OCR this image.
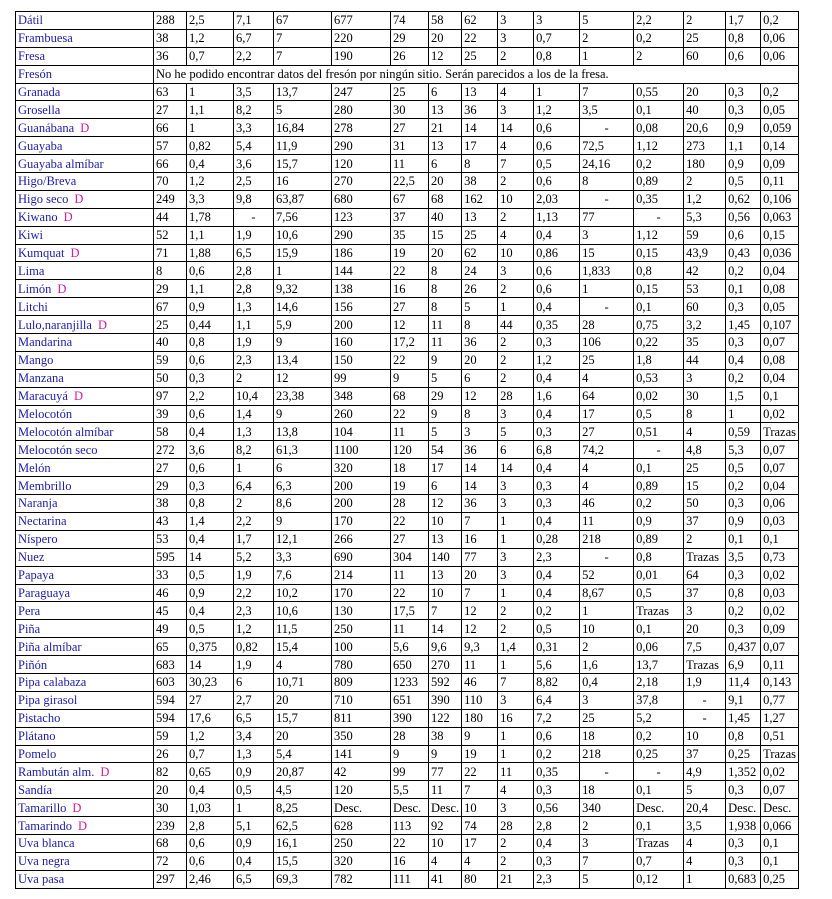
Dátil	288	2,5	7,1	67	677	74	58	62	3	3	5	2,2	2	1,7	0,2
Frambuesa	38	1,2	6,7	7	220	29	20	22	3	0,7	2	0,2	25	0,8	0,06
Fresa	36	0,7	2,2	7	190	26	12	25	2	0,8	1	2	60	0,6	0,06
Fresón	No he podido encontrar datos del fresón por ningún sitio. Serán parecidos a los de la fresa.														
Granada	63	1	3,5	13,7	247	25	6	13	4	1	7	0,55	20	0,3	0,2
Grosella	27	1,1	8,2	5	280	30	13	36	3	1,2	3,5	0,1	40	0,3	0,05
Guanábana D	66	1	3,3	16,84	278	27	21	14	14	0,6	-	0,08	20,6	0,9	0,059
Guayaba	57	0,82	5,4	11,9	290	31	13	17	4	0,6	72,5	1,12	273	1,1	0,14
Guayaba almíbar	66	0,4	3,6	15,7	120	11	6	8	7	0,5	24,16	0,2	180	0,9	0,09
Higo/Breva	70	1,2	2,5	16	270	22,5	20	38	2	0,6	8	0,89	2	0,5	0,11
Higo seco D	249	3,3	9,8	63,87	680	67	68	162	10	2,03	-	0,35	1,2	0,62	0,106
Kiwano D	44	1,78	-	7,56	123	37	40	13	2	1,13	77	-	5,3	0,56	0,063
Kiwi	52	1,1	1,9	10,6	290	35	15	25	4	0,4	3	1,12	59	0,6	0,15
Kumquat D	71	1,88	6,5	15,9	186	19	20	62	10	0,86	15	0,15	43,9	0,43	0,036
Lima	8	0,6	2,8	1	144	22	8	24	3	0,6	1,833	0,8	42	0,2	0,04
Limón D	29	1,1	2,8	9,32	138	16	8	26	2	0,6	1	0,15	53	0,1	0,08
Litchi	67	0,9	1,3	14,6	156	27	8	5	1	0,4	-	0,1	60	0,3	0,05
Lulo,naranjilla D	25	0,44	1,1	5,9	200	12	11	8	44	0,35	28	0,75	3,2	1,45	0,107
Mandarina	40	0,8	1,9	9	160	17,2	11	36	2	0,3	106	0,22	35	0,3	0,07
Mango	59	0,6	2,3	13,4	150	22	9	20	2	1,2	25	1,8	44	0,4	0,08
Manzana	50	0,3	2	12	99	9	5	6	2	0,4	4	0,53	3	0,2	0,04
Maracuyá D	97	2,2	10,4	23,38	348	68	29	12	28	1,6	64	0,02	30	1,5	0,1
Melocotón	39	0,6	1,4	9	260	22	9	8	3	0,4	17	0,5	8	1	0,02
Melocotón almíbar	58	0,4	1,3	13,8	104	11	5	3	5	0,3	27	0,51	4	0,59	Trazas
Melocotón seco	272	3,6	8,2	61,3	1100	120	54	36	6	6,8	74,2	-	4,8	5,3	0,07
Melón	27	0,6	1	6	320	18	17	14	14	0,4	4	0,1	25	0,5	0,07
Membrillo	29	0,3	6,4	6,3	200	19	6	14	3	0,3	4	0,89	15	0,2	0,04
Naranja	38	0,8	2	8,6	200	28	12	36	3	0,3	46	0,2	50	0,3	0,06
Nectarina	43	1,4	2,2	9	170	22	10	7	1	0,4	11	0,9	37	0,9	0,03
Níspero	53	0,4	1,7	12,1	266	27	13	16	1	0,28	218	0,89	2	0,1	0,1
Nuez	595	14	5,2	3,3	690	304	140	77	3	2,3	-	0,8	Trazas	3,5	0,73
Papaya	33	0,5	1,9	7,6	214	11	13	20	3	0,4	52	0,01	64	0,3	0,02
Paraguaya	46	0,9	2,2	10,2	170	22	10	7	1	0,4	8,67	0,5	37	0,8	0,03
Pera	45	0,4	2,3	10,6	130	17,5	7	12	2	0,2	1	Trazas	3	0,2	0,02
Piña	49	0,5	1,2	11,5	250	11	14	12	2	0,5	10	0,1	20	0,3	0,09
Piña almíbar	65	0,375	0,82	15,4	100	5,6	9,6	9,3	1,4	0,31	2	0,06	7,5	0,437	0,07
Piñón	683	14	1,9	4	780	650	270	11	1	5,6	1,6	13,7	Trazas	6,9	0,11
Pipa calabaza	603	30,23	6	10,71	809	1233	592	46	7	8,82	0,4	2,18	1,9	11,4	0,143
Pipa girasol	594	27	2,7	20	710	651	390	110	3	6,4	3	37,8	-	9,1	0,77
Pistacho	594	17,6	6,5	15,7	811	390	122	180	16	7,2	25	5,2	-	1,45	1,27
Plátano	59	1,2	3,4	20	350	28	38	9	1	0,6	18	0,2	10	0,8	0,51
Pomelo	26	0,7	1,3	5,4	141	9	9	19	1	0,2	218	0,25	37	0,25	Trazas
Rambután alm. D	82	0,65	0,9	20,87	42	99	77	22	11	0,35	-	-	4,9	1,352	0,02
Sandía	20	0,4	0,5	4,5	120	5,5	11	7	4	0,3	18	0,1	5	0,3	0,07
Tamarillo D	30	1,03	1	8,25	Desc.	Desc.	Desc.	10	3	0,56	340	Desc.	20,4	Desc.	Desc.
Tamarindo D	239	2,8	5,1	62,5	628	113	92	74	28	2,8	2	0,1	3,5	1,938	0,066
Uva blanca	68	0,6	0,9	16,1	250	22	10	17	2	0,4	3	Trazas	4	0,3	0,1
Uva negra	72	0,6	0,4	15,5	320	16	4	4	2	0,3	7	0,7	4	0,3	0,1
Uva pasa	297	2,46	6,5	69,3	782	111	41	80	21	2,3	5	0,12	1	0,683	0,25
